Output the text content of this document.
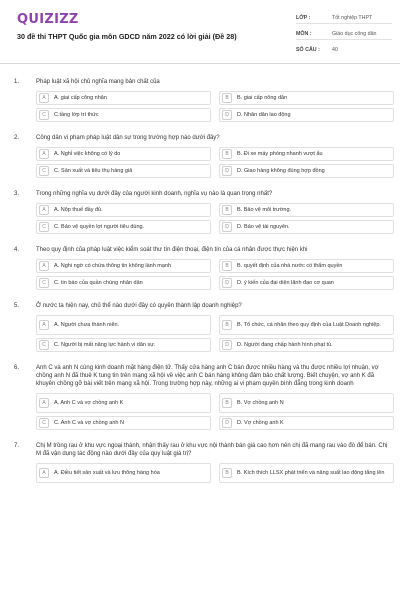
QUIZIZZ
30 đề thi THPT Quốc gia môn GDCD năm 2022 có lời giải (Đề 28)
LỚP :	Tốt nghiệp THPT
MÔN :	Giáo dục công dân
SỐ CÂU :	40
1.	Pháp luật xã hội chủ nghĩa mang bản chất của
A	A. giai cấp công nhân	B	B. giai cấp nông dân
C	C.tầng lớp trí thức	D	D. Nhân dân lao động
2.	Công dân vi phạm pháp luật dân sự trong trường hợp nào dưới đây?
A	A. Nghỉ việc không có lý do	B	B. Đi xe máy phóng nhanh vượt ẩu
C	C. Sản xuất và tiêu thụ hàng giả	D	D. Giao hàng không đúng hợp đồng
3.	Trong những nghĩa vụ dưới đây của người kinh doanh, nghĩa vụ nào là quan trọng nhất?
A	A. Nộp thuế đầy đủ.	B	B. Bảo vệ môi trường.
C	C. Bảo vệ quyền lợi người tiêu dùng.	D	D. Bảo vệ tài nguyên.
4.	Theo quy định của pháp luật việc kiểm soát thư tín điện thoại, điện tín của cá nhân được thực hiện khi
A	A. Nghi ngờ có chứa thông tin không lành mạnh	B	B. quyết định của nhà nước có thẩm quyền
C	C. tin báo của quần chúng nhân dân	D	D. ý kiến của đại diện lãnh đạo cơ quan
5.	Ở nước ta hiện nay, chủ thể nào dưới đây có quyền thành lập doanh nghiệp?
A	A. Người chưa thành niên.	B	B. Tổ chức, cá nhân theo quy định của Luật Doanh nghiệp.
C	C. Người bị mất năng lực hành vi dân sự.	D	D. Người đang chấp hành hình phạt tù.
6.	Anh C và anh N cùng kinh doanh mặt hàng điện tử. Thấy cửa hàng anh C bán được nhiều hàng và thu được nhiều lợi nhuận, vợ chồng anh N đã thuê K tung tin trên mạng xã hội về việc anh C bán hàng không đảm bảo chất lượng. Biết chuyện, vợ anh K đã khuyên chồng gỡ bài viết trên mạng xã hội. Trong trường hợp này, những ai vi phạm quyền bình đẳng trong kinh doanh
A	A. Anh C và vợ chồng anh K	B	B. Vợ chồng anh N
C	C. Anh C và vợ chồng anh N	D	D. Vợ chồng anh K
7.	Chị M trồng rau ở khu vực ngoại thành, nhận thấy rau ở khu vực nội thành bán giá cao hơn nên chị đã mang rau vào đó để bán. Chị M đã vận dụng tác động nào dưới đây của quy luật giá trị?
A	A. Điều tiết sản xuất và lưu thông hàng hóa	B	B. Kích thích LLSX phát triển và năng suất lao động tăng lên
